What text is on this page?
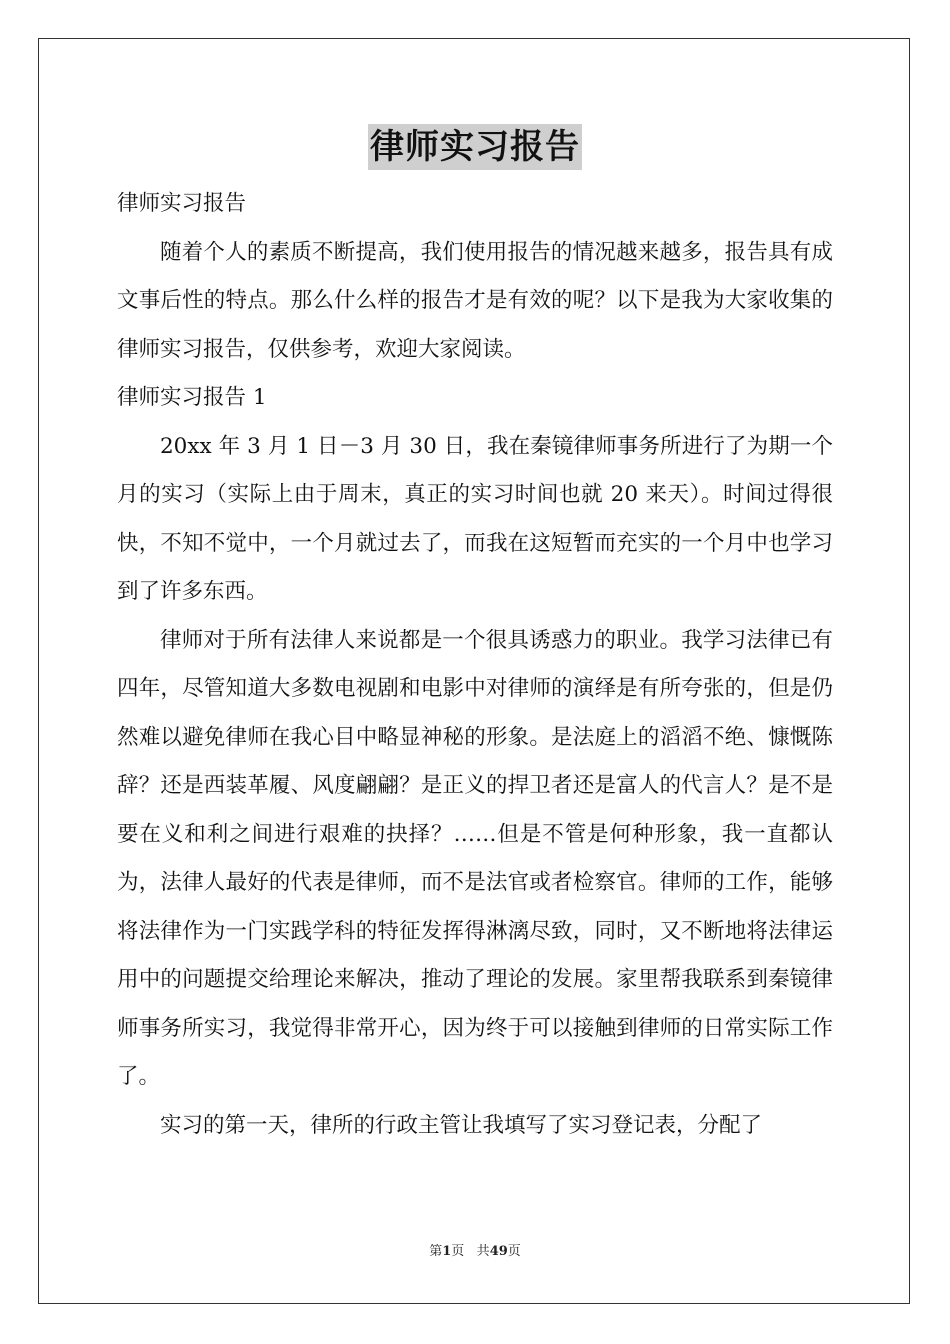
律师实习报告

律师实习报告

随着个人的素质不断提高，我们使用报告的情况越来越多，报告具有成文事后性的特点。那么什么样的报告才是有效的呢？以下是我为大家收集的律师实习报告，仅供参考，欢迎大家阅读。

律师实习报告 1

20xx 年 3 月 1 日－3 月 30 日，我在秦镜律师事务所进行了为期一个月的实习（实际上由于周末，真正的实习时间也就 20 来天）。时间过得很快，不知不觉中，一个月就过去了，而我在这短暂而充实的一个月中也学习到了许多东西。

律师对于所有法律人来说都是一个很具诱惑力的职业。我学习法律已有四年，尽管知道大多数电视剧和电影中对律师的演绎是有所夸张的，但是仍然难以避免律师在我心目中略显神秘的形象。是法庭上的滔滔不绝、慷慨陈辞？还是西装革履、风度翩翩？是正义的捍卫者还是富人的代言人？是不是要在义和利之间进行艰难的抉择？……但是不管是何种形象，我一直都认为，法律人最好的代表是律师，而不是法官或者检察官。律师的工作，能够将法律作为一门实践学科的特征发挥得淋漓尽致，同时，又不断地将法律运用中的问题提交给理论来解决，推动了理论的发展。家里帮我联系到秦镜律师事务所实习，我觉得非常开心，因为终于可以接触到律师的日常实际工作了。

实习的第一天，律所的行政主管让我填写了实习登记表，分配了

第1页 共49页
